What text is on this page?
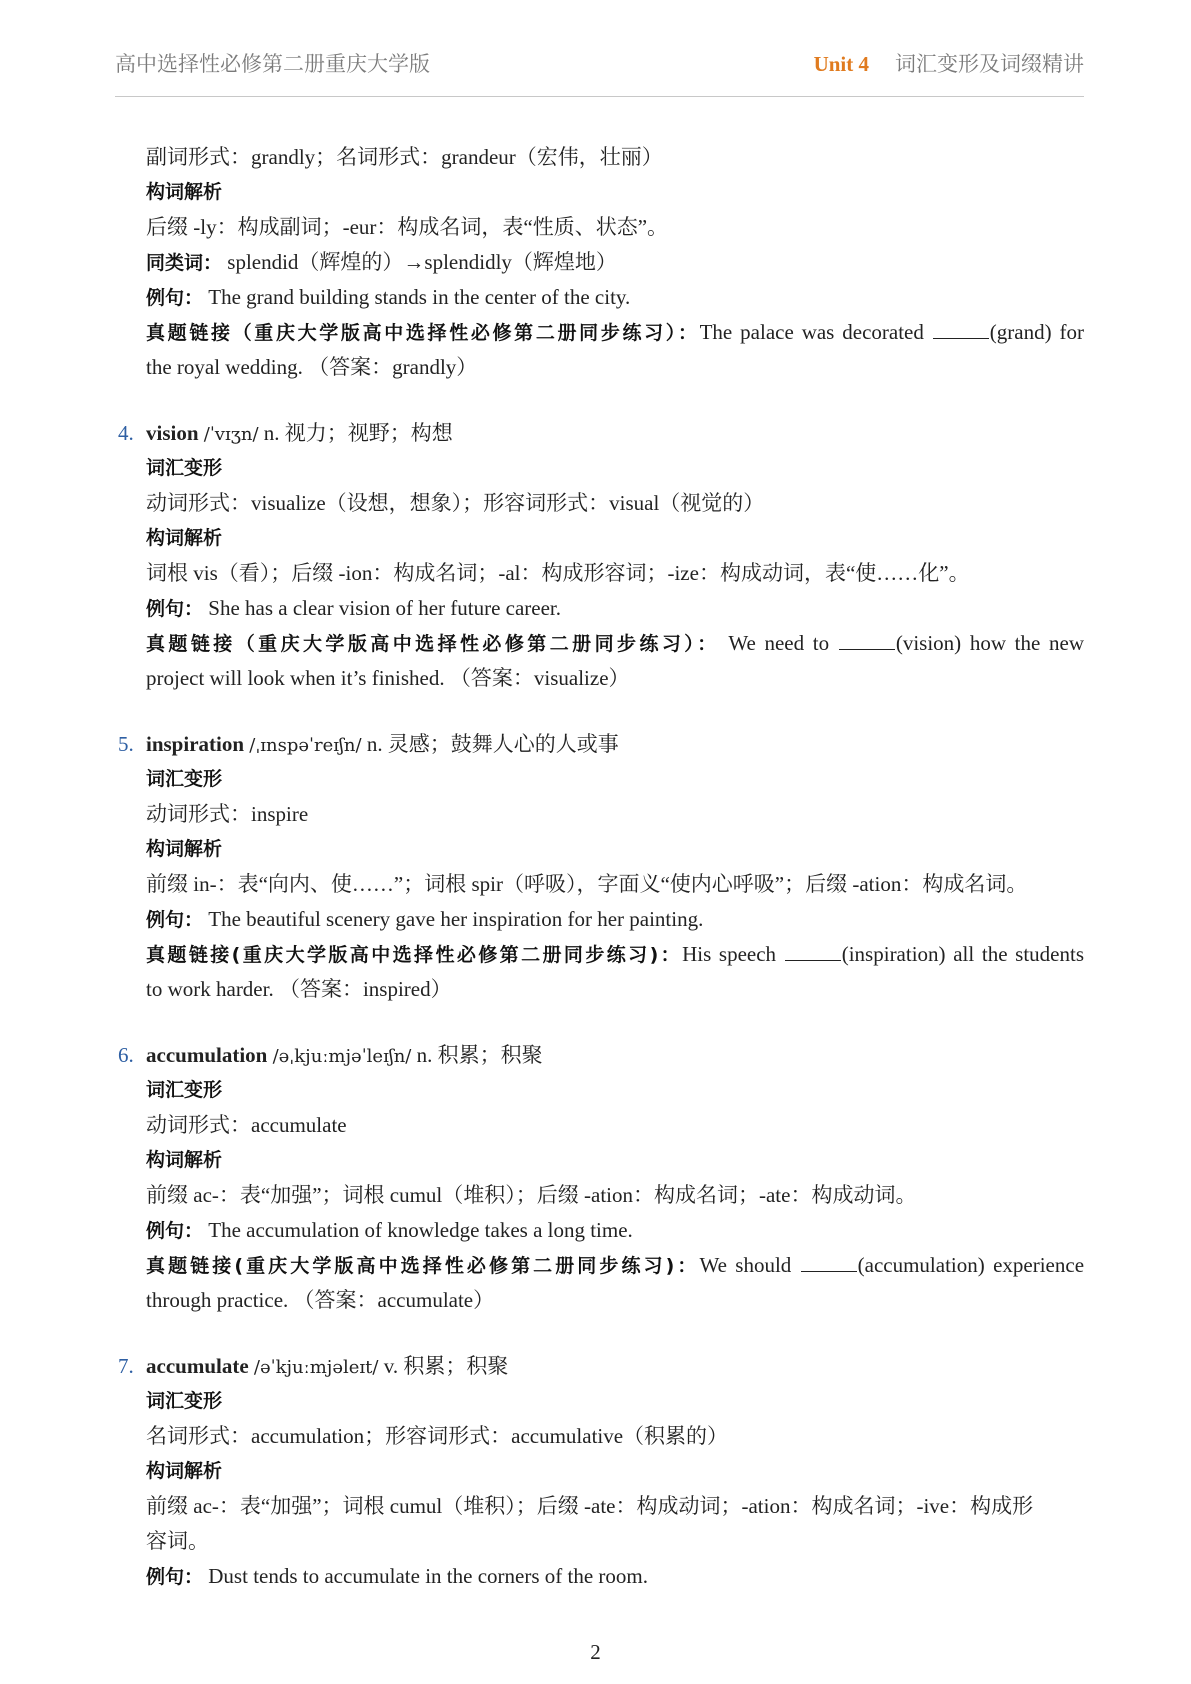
高中选择性必修第二册重庆大学版	Unit 4 词汇变形及词缀精讲
副词形式：grandly；名词形式：grandeur（宏伟，壮丽）
构词解析
后缀 -ly：构成副词；-eur：构成名词，表“性质、状态”。
同类词： splendid（辉煌的）→splendidly（辉煌地）
例句： The grand building stands in the center of the city.
真题链接（重庆大学版高中选择性必修第二册同步练习）：The palace was decorated	(grand) for
the royal wedding. （答案：grandly）
4. vision /ˈvɪʒn/ n. 视力；视野；构想
词汇变形
动词形式：visualize（设想，想象）；形容词形式：visual（视觉的）
构词解析
词根 vis（看）；后缀 -ion：构成名词；-al：构成形容词；-ize：构成动词，表“使……化”。
例句： She has a clear vision of her future career.
真题链接（重庆大学版高中选择性必修第二册同步练习）： We need to	(vision) how the new
project will look when it’s finished. （答案：visualize）
5. inspiration /ˌɪnspəˈreɪʃn/ n. 灵感；鼓舞人心的人或事
词汇变形
动词形式：inspire
构词解析
前缀 in-：表“向内、使……”；词根 spir（呼吸），字面义“使内心呼吸”；后缀 -ation：构成名词。
例句： The beautiful scenery gave her inspiration for her painting.
真题链接(重庆大学版高中选择性必修第二册同步练习)：His speech	(inspiration) all the students
to work harder. （答案：inspired）
6. accumulation /əˌkjuːmjəˈleɪʃn/ n. 积累；积聚
词汇变形
动词形式：accumulate
构词解析
前缀 ac-：表“加强”；词根 cumul（堆积）；后缀 -ation：构成名词；-ate：构成动词。
例句： The accumulation of knowledge takes a long time.
真题链接(重庆大学版高中选择性必修第二册同步练习)：We should	(accumulation) experience
through practice. （答案：accumulate）
7. accumulate /əˈkjuːmjəleɪt/ v. 积累；积聚
词汇变形
名词形式：accumulation；形容词形式：accumulative（积累的）
构词解析
前缀 ac-：表“加强”；词根 cumul（堆积）；后缀 -ate：构成动词；-ation：构成名词；-ive：构成形
容词。
例句： Dust tends to accumulate in the corners of the room.
2
